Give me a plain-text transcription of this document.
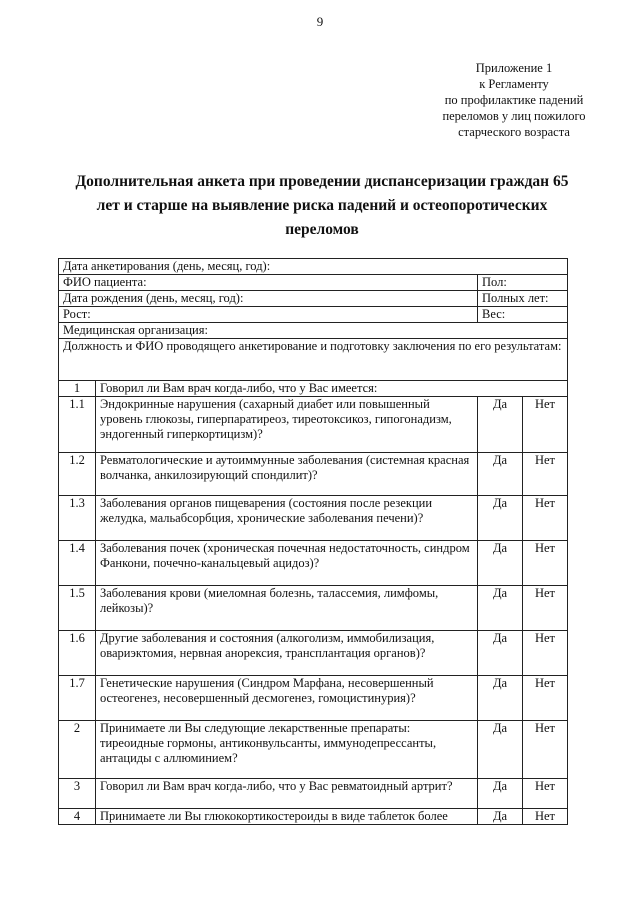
9
Приложение 1
к Регламенту
по профилактике падений
переломов у лиц пожилого
старческого возраста
Дополнительная анкета при проведении диспансеризации граждан 65
лет и старше на выявление риска падений и остеопоротических
переломов
Дата анкетирования (день, месяц, год):			
ФИО пациента:		Пол:	
Дата рождения (день, месяц, год):		Полных лет:	
Рост:		Вес:	
Медицинская организация:			
Должность и ФИО проводящего анкетирование и подготовку заключения по его результатам:			
1	Говорил ли Вам врач когда-либо, что у Вас имеется:		
1.1	Эндокринные нарушения (сахарный диабет или повышенный уровень глюкозы, гиперпаратиреоз, тиреотоксикоз, гипогонадизм, эндогенный гиперкортицизм)?	Да	Нет
1.2	Ревматологические и аутоиммунные заболевания (системная красная волчанка, анкилозирующий спондилит)?	Да	Нет
1.3	Заболевания органов пищеварения (состояния после резекции желудка, мальабсорбция, хронические заболевания печени)?	Да	Нет
1.4	Заболевания почек (хроническая почечная недостаточность, синдром Фанкони, почечно-канальцевый ацидоз)?	Да	Нет
1.5	Заболевания крови (миеломная болезнь, талассемия, лимфомы, лейкозы)?	Да	Нет
1.6	Другие заболевания и состояния (алкоголизм, иммобилизация, овариэктомия, нервная анорексия, трансплантация органов)?	Да	Нет
1.7	Генетические нарушения (Синдром Марфана, несовершенный остеогенез, несовершенный десмогенез, гомоцистинурия)?	Да	Нет
2	Принимаете ли Вы следующие лекарственные препараты: тиреоидные гормоны, антиконвульсанты, иммунодепрессанты, антациды с аллюминием?	Да	Нет
3	Говорил ли Вам врач когда-либо, что у Вас ревматоидный артрит?	Да	Нет
4	Принимаете ли Вы глюкокортикостероиды в виде таблеток более	Да	Нет
